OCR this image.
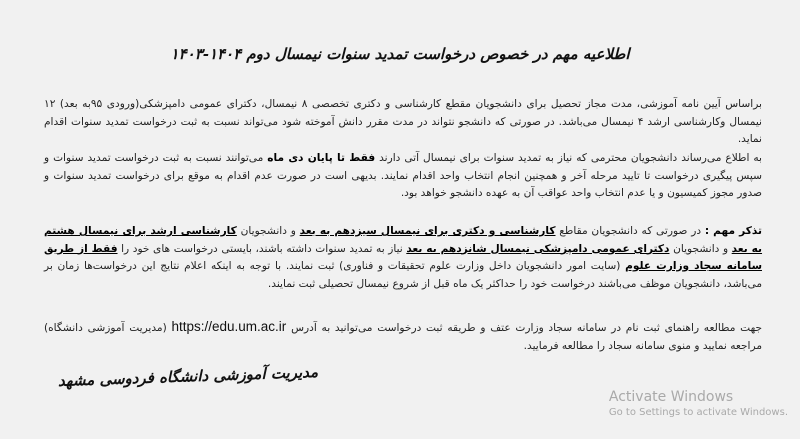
اطلاعیه مهم در خصوص درخواست تمدید سنوات نیمسال دوم ۱۴۰۴-۱۴۰۳
براساس آیین نامه آموزشی، مدت مجاز تحصیل برای دانشجویان مقطع کارشناسی و دکتری تخصصی ۸ نیمسال، دکترای عمومی دامپزشکی(ورودی ۹۵به بعد) ۱۲ نیمسال وکارشناسی ارشد ۴ نیمسال می‌باشد. در صورتی که دانشجو نتواند در مدت مقرر دانش آموخته شود می‌تواند نسبت به ثبت درخواست تمدید سنوات اقدام نماید.
به اطلاع می‌رساند دانشجویان محترمی که نیاز به تمدید سنوات برای نیمسال آتی دارند فقط تا پایان دی ماه می‌توانند نسبت به ثبت درخواست تمدید سنوات و سپس پیگیری درخواست تا تایید مرحله آخر و همچنین انجام انتخاب واحد اقدام نمایند. بدیهی است در صورت عدم اقدام به موقع برای درخواست تمدید سنوات و صدور مجوز کمیسیون و یا عدم انتخاب واحد عواقب آن به عهده دانشجو خواهد بود.
تذکر مهم : در صورتی که دانشجویان مقاطع کارشناسی و دکتری برای نیمسال سیزدهم به بعد و دانشجویان کارشناسی ارشد برای نیمسال هشتم به بعد و دانشجویان دکترای عمومی دامپزشکی نیمسال شانزدهم به بعد نیاز به تمدید سنوات داشته باشند، بایستی درخواست های خود را فقط از طریق سامانه سجاد وزارت علوم (سایت امور دانشجویان داخل وزارت علوم تحقیقات و فناوری) ثبت نمایند. با توجه به اینکه اعلام نتایج این درخواست‌ها زمان بر می‌باشد، دانشجویان موظف می‌باشند درخواست خود را حداکثر یک ماه قبل از شروع نیمسال تحصیلی ثبت نمایند.
جهت مطالعه راهنمای ثبت نام در سامانه سجاد وزارت عتف و طریقه ثبت درخواست می‌توانید به آدرس https://edu.um.ac.ir (مدیریت آموزشی دانشگاه) مراجعه نمایید و منوی سامانه سجاد را مطالعه فرمایید.
مدیریت آموزشی دانشگاه فردوسی مشهد
Activate Windows
Go to Settings to activate Windows.
